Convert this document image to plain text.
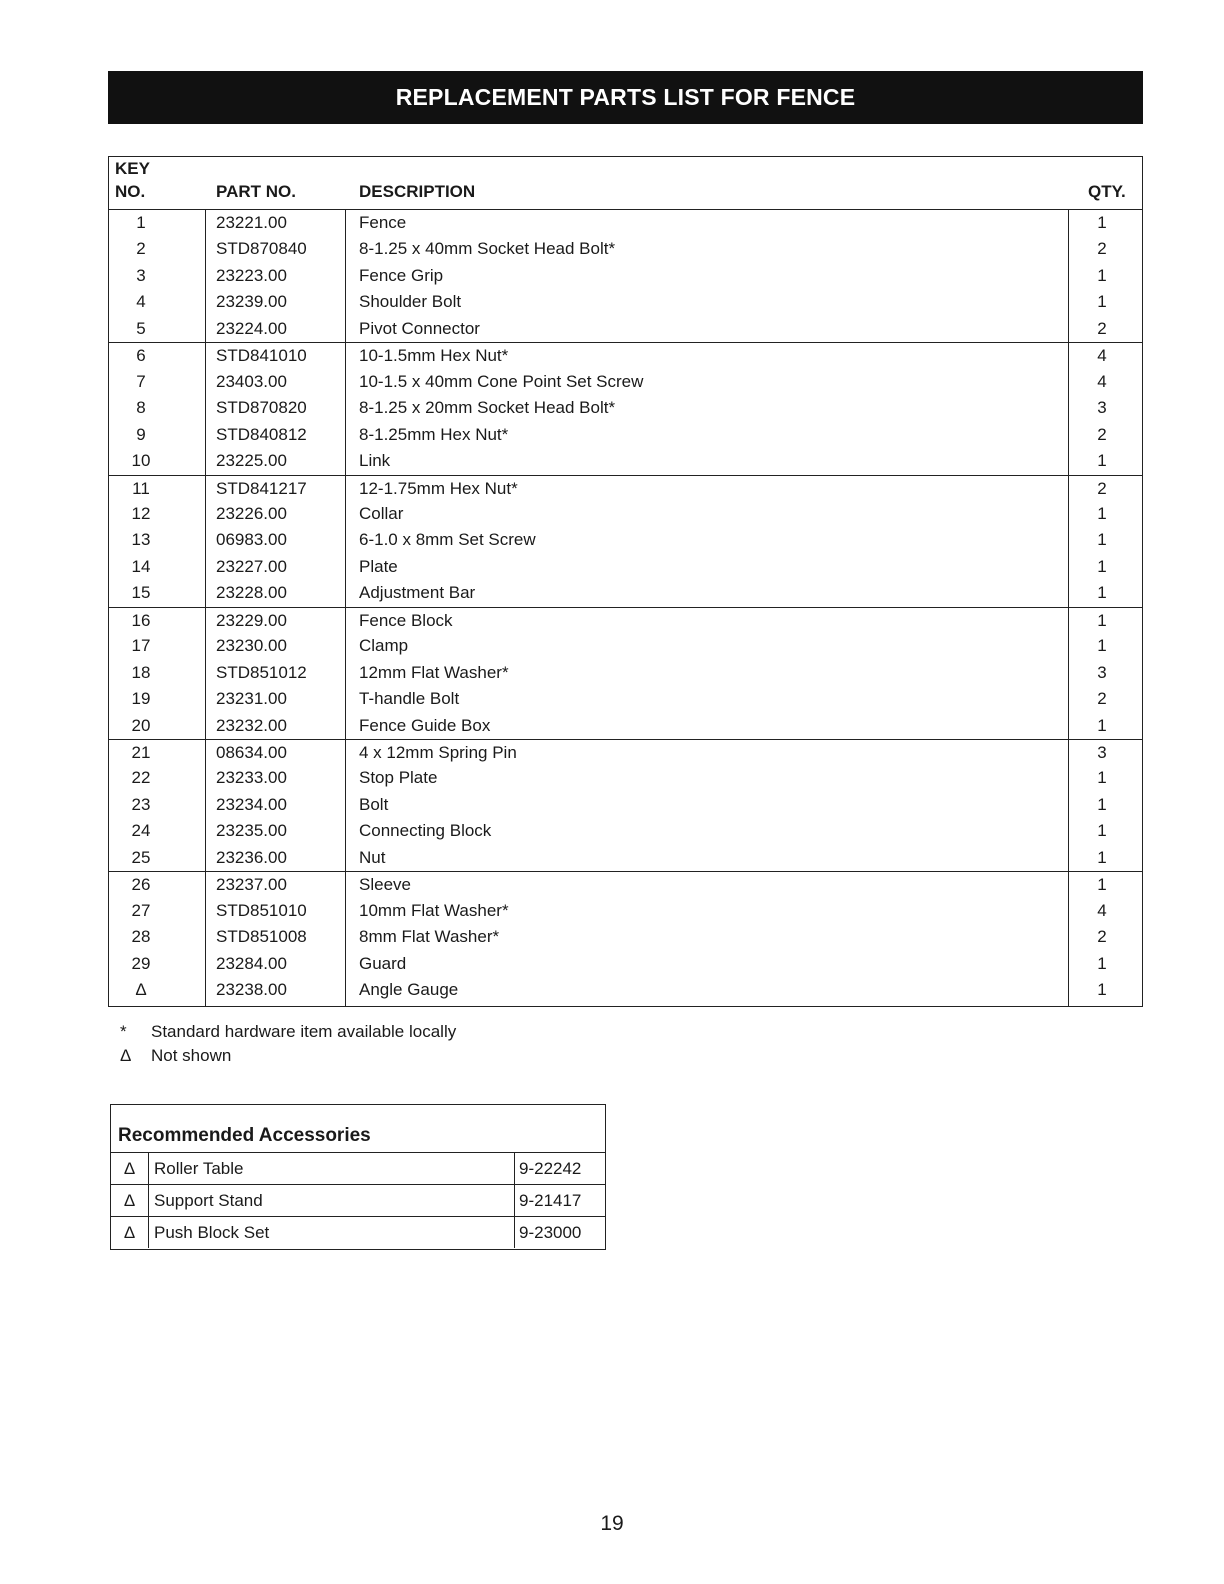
REPLACEMENT PARTS LIST FOR FENCE
KEY
NO.	PART NO.	DESCRIPTION	QTY.
1	23221.00	Fence	1
2	STD870840	8-1.25 x 40mm Socket Head Bolt*	2
3	23223.00	Fence Grip	1
4	23239.00	Shoulder Bolt	1
5	23224.00	Pivot Connector	2
6	STD841010	10-1.5mm Hex Nut*	4
7	23403.00	10-1.5 x 40mm Cone Point Set Screw	4
8	STD870820	8-1.25 x 20mm Socket Head Bolt*	3
9	STD840812	8-1.25mm Hex Nut*	2
10	23225.00	Link	1
11	STD841217	12-1.75mm Hex Nut*	2
12	23226.00	Collar	1
13	06983.00	6-1.0 x 8mm Set Screw	1
14	23227.00	Plate	1
15	23228.00	Adjustment Bar	1
16	23229.00	Fence Block	1
17	23230.00	Clamp	1
18	STD851012	12mm Flat Washer*	3
19	23231.00	T-handle Bolt	2
20	23232.00	Fence Guide Box	1
21	08634.00	4 x 12mm Spring Pin	3
22	23233.00	Stop Plate	1
23	23234.00	Bolt	1
24	23235.00	Connecting Block	1
25	23236.00	Nut	1
26	23237.00	Sleeve	1
27	STD851010	10mm Flat Washer*	4
28	STD851008	8mm Flat Washer*	2
29	23284.00	Guard	1
Δ	23238.00	Angle Gauge	1
* Standard hardware item available locally
Δ Not shown
Recommended Accessories
Δ	Roller Table	9-22242
Δ	Support Stand	9-21417
Δ	Push Block Set	9-23000
19
